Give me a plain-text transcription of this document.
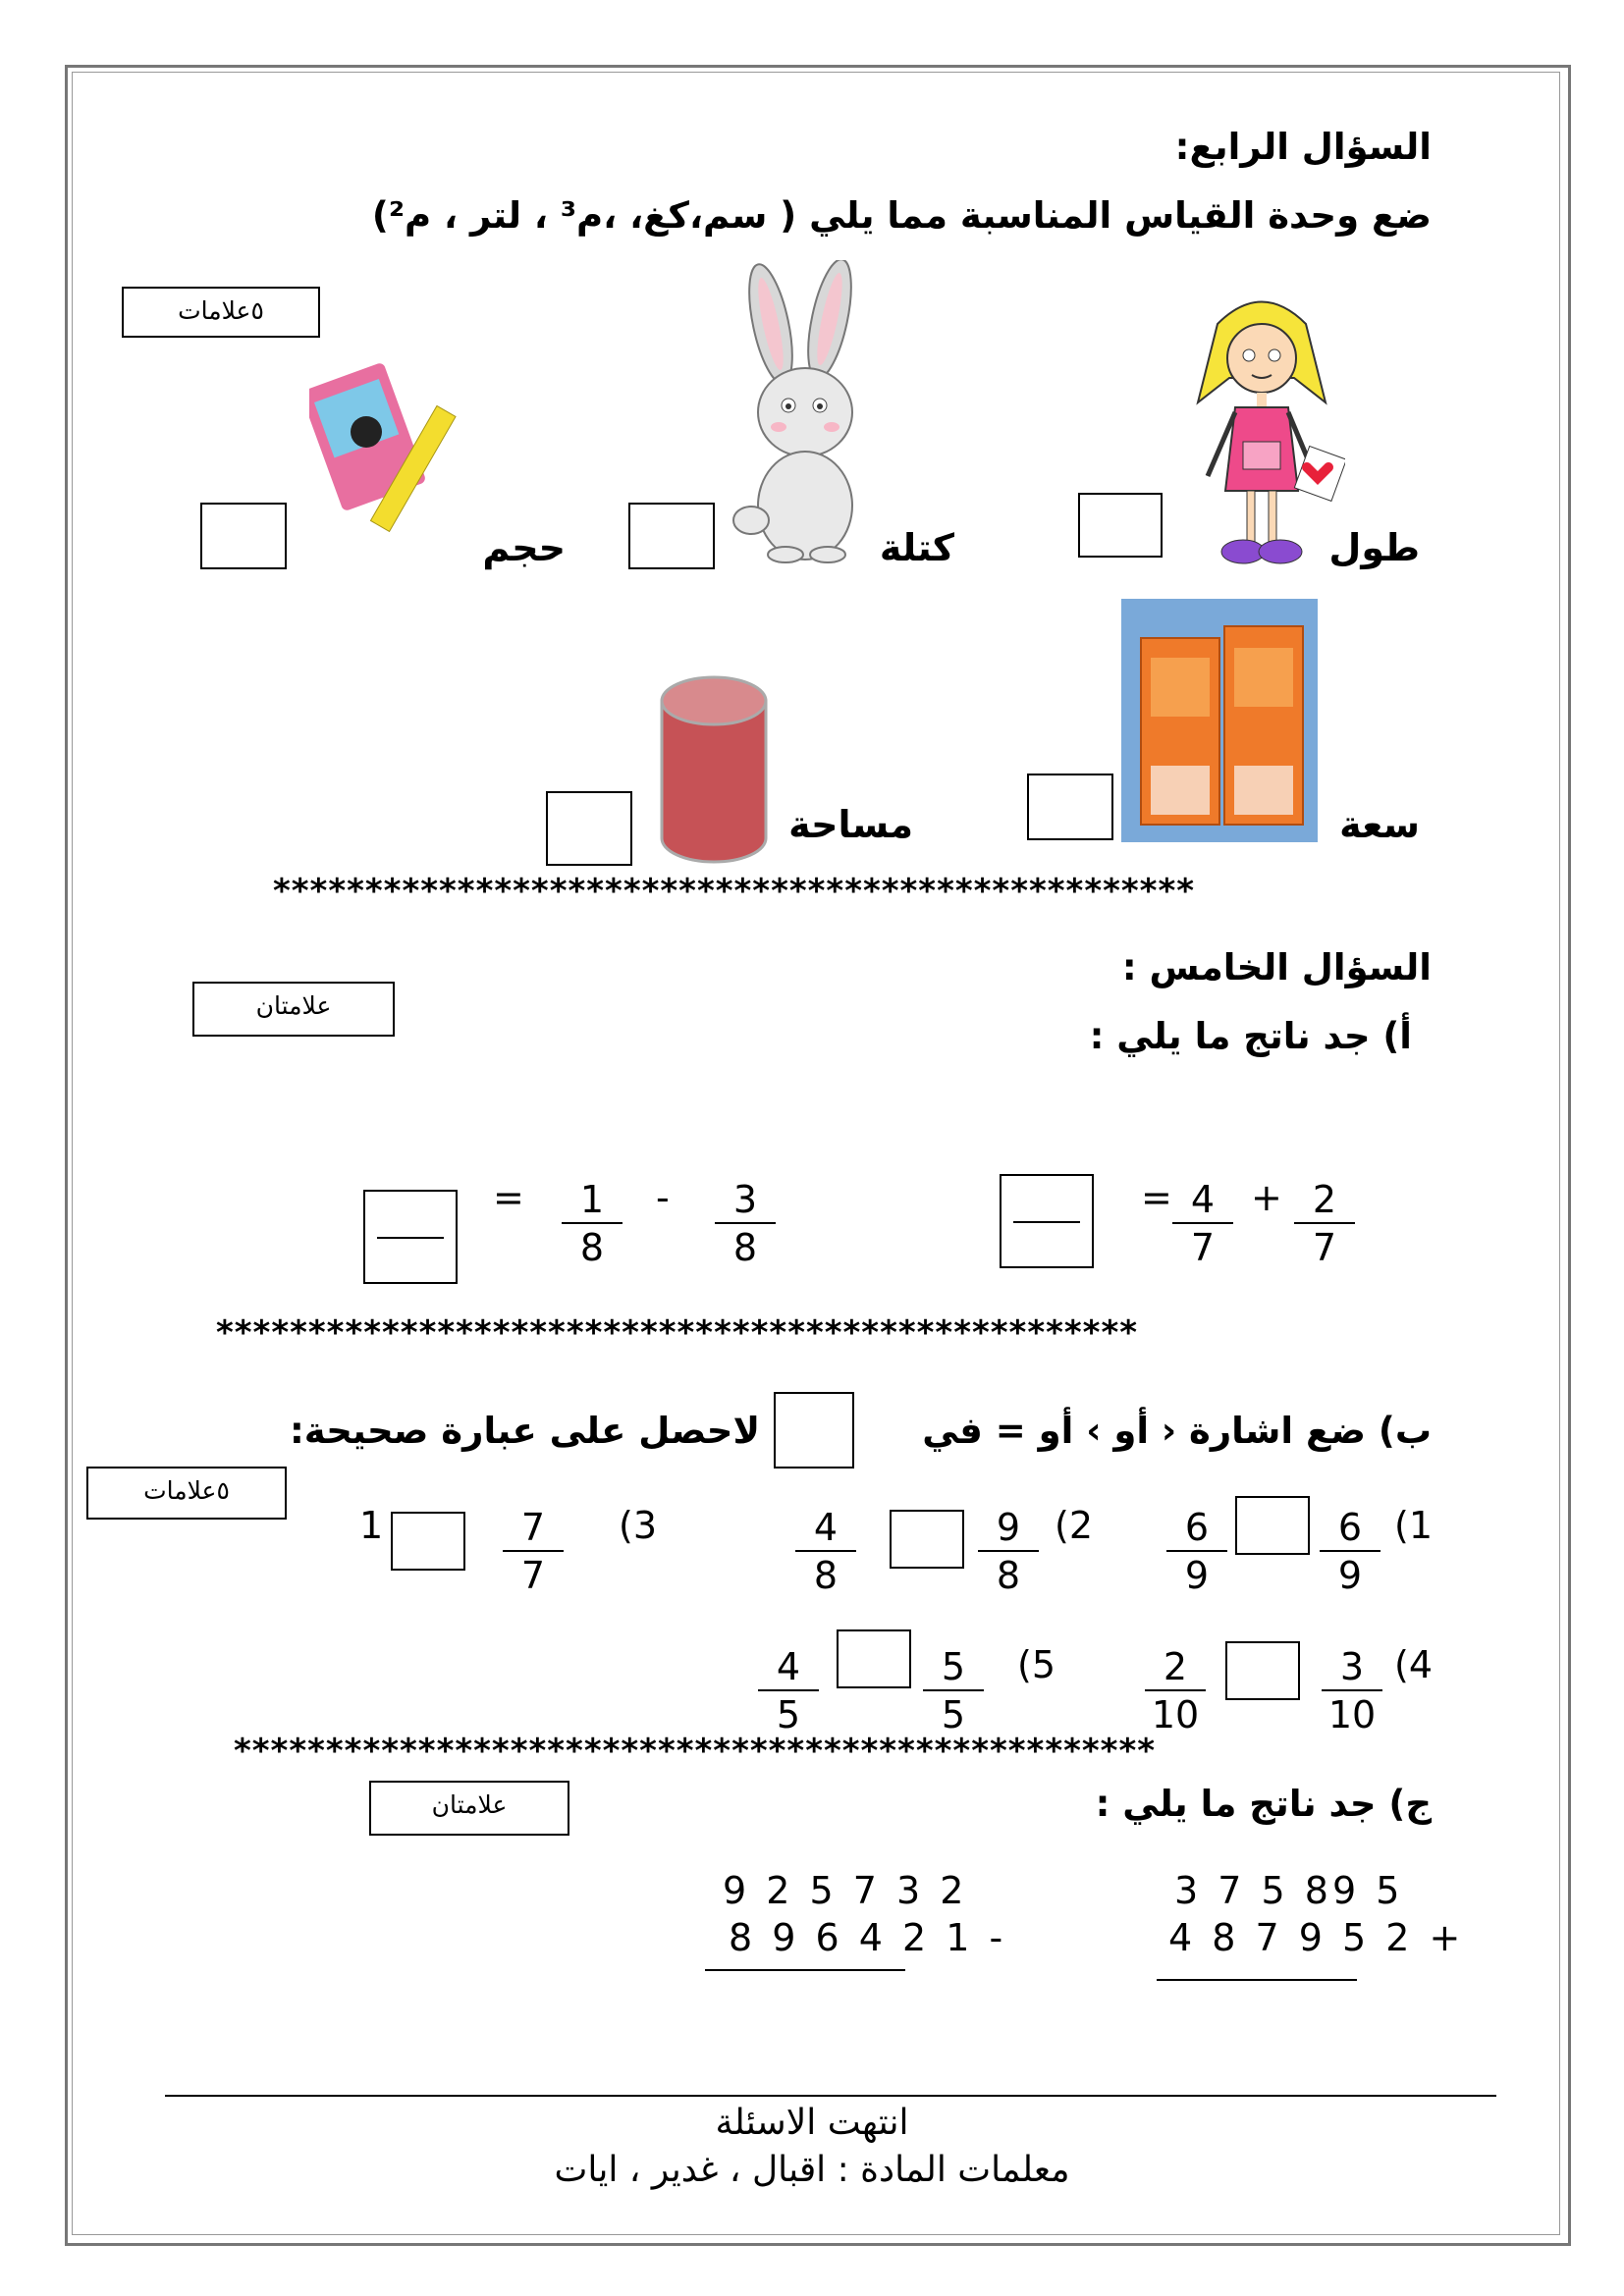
السؤال الرابع:
ضع وحدة القياس المناسبة مما يلي ( سم،كغ، ،م³ ، لتر ، م²)
٥علامات
طول
كتلة
حجم
سعة
مساحة
**************************************************
السؤال الخامس :
علامتان
أ) جد ناتج ما يلي :
2
7
+
4
7
=
3
8
-
1
8
=
**************************************************
ب) ضع اشارة ‹ أو › أو = في
لاحصل على عبارة صحيحة:
٥علامات
(1
6
9
6
9
(2
9
8
4
8
(3
7
7
1
(4
3
10
2
10
(5
5
5
4
5
**************************************************
ج) جد ناتج ما يلي :
علامتان
3 7 5 89 5
4 8 7 9 5 2 +
9 2 5 7 3 2
8 9 6 4 2 1 -
انتهت الاسئلة
معلمات المادة : اقبال ، غدير ، ايات
